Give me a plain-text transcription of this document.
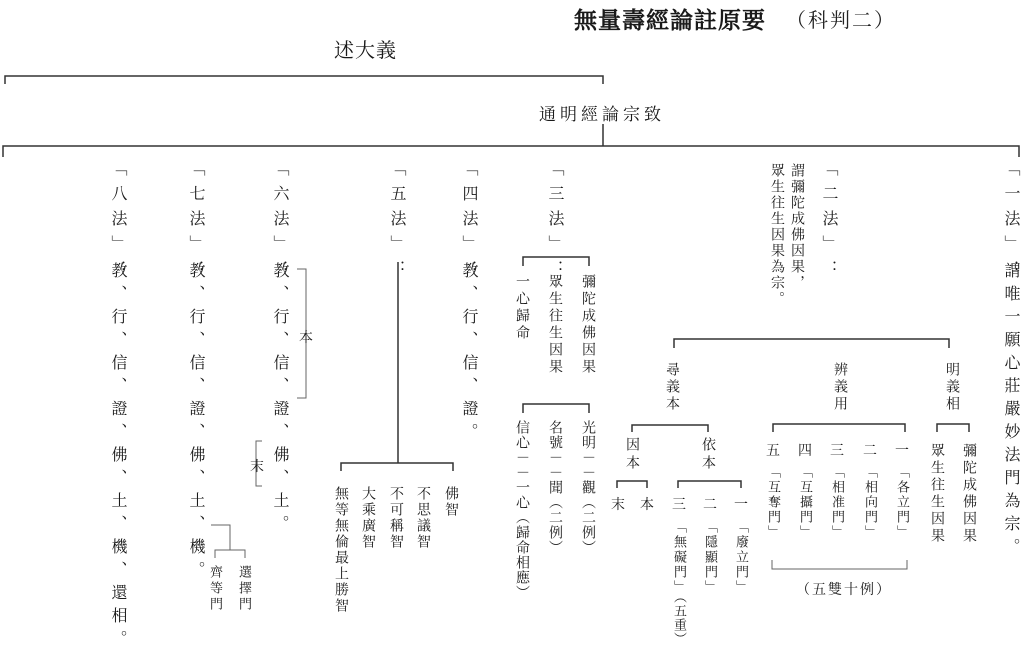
無量壽經論註原要 （科判二）
述大義
通明經論宗致
「八法」：
教、行、信、證、佛、土、機、還相。
「七法」：
教、行、信、證、佛、土、機。
齊等門 選擇門
「六法」：
教、行、信、證、佛、土。 本
末
「五法」：
無等無倫最上勝智 大乘廣智 不可稱智 不思議智 佛智
「四法」：
教、行、信、證。
「三法」：
一心歸命 眾生往生因果 彌陀成佛因果
信心－－一心（歸命相應） 名號－－聞（二例） 光明－－觀（二例）
「二法」：
謂彌陀成佛因果，
眾生往生因果為宗。
尋義本
因本
末 本
依本
三
「無礙門」
（五重）
二
「隱顯門」
一
「廢立門」
辨義用
五
「互奪門」
四
「互攝門」
三
「相准門」
二
「相向門」
一
「各立門」
（五雙十例）
明義相
眾生往生因果 彌陀成佛因果
「一法」：
謂唯一願心莊嚴妙法門為宗。
